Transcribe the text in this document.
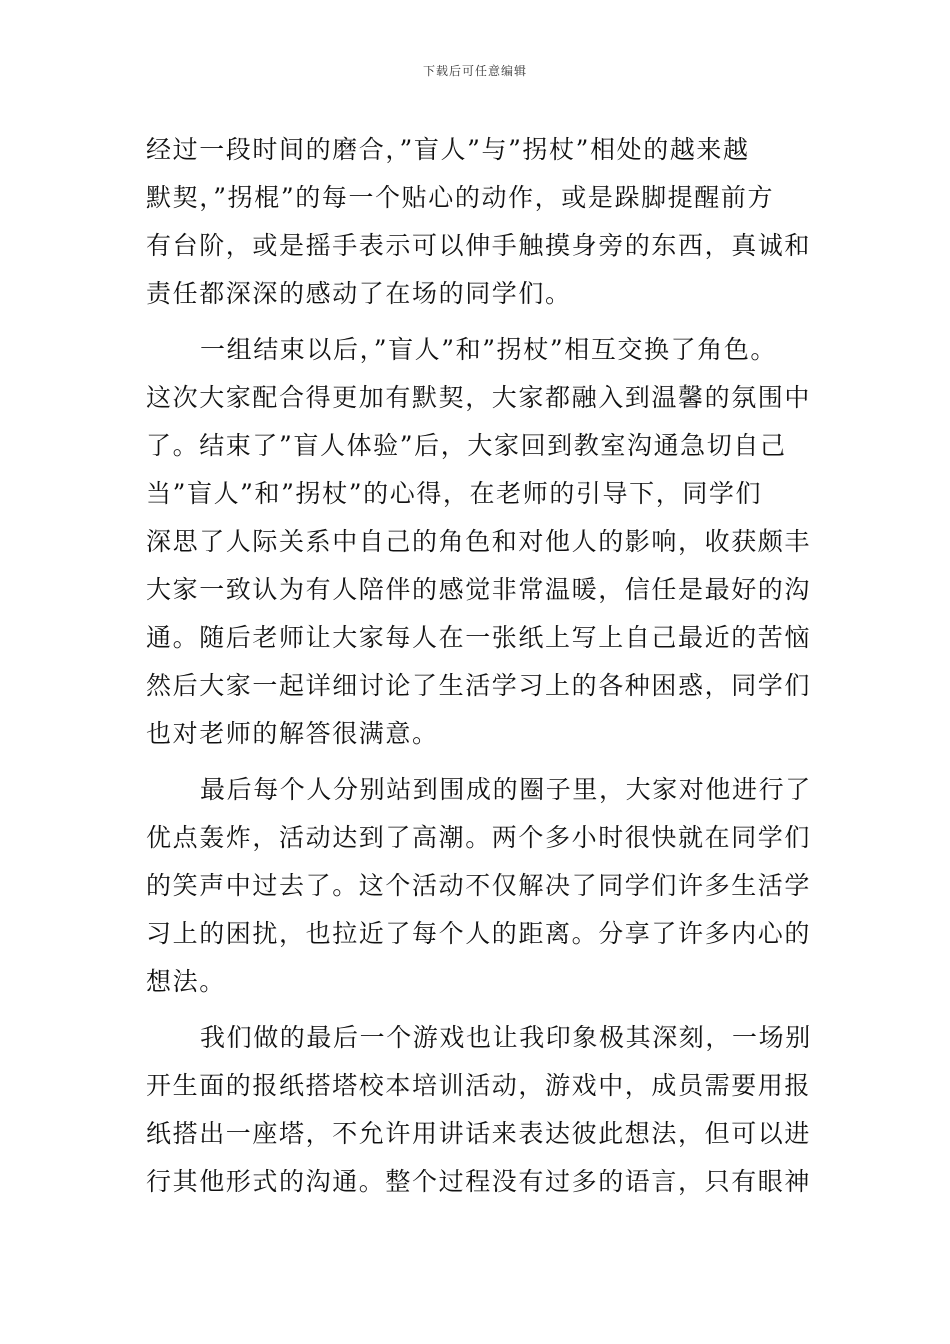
下载后可任意编辑

经过一段时间的磨合，”盲人”与”拐杖”相处的越来越
默契，”拐棍”的每一个贴心的动作，或是跺脚提醒前方
有台阶，或是摇手表示可以伸手触摸身旁的东西，真诚和
责任都深深的感动了在场的同学们。

一组结束以后，”盲人”和”拐杖”相互交换了角色。
这次大家配合得更加有默契，大家都融入到温馨的氛围中
了。结束了”盲人体验”后，大家回到教室沟通急切自己
当”盲人”和”拐杖”的心得，在老师的引导下，同学们
深思了人际关系中自己的角色和对他人的影响，收获颇丰
大家一致认为有人陪伴的感觉非常温暖，信任是最好的沟
通。随后老师让大家每人在一张纸上写上自己最近的苦恼
然后大家一起详细讨论了生活学习上的各种困惑，同学们
也对老师的解答很满意。

最后每个人分别站到围成的圈子里，大家对他进行了
优点轰炸，活动达到了高潮。两个多小时很快就在同学们
的笑声中过去了。这个活动不仅解决了同学们许多生活学
习上的困扰，也拉近了每个人的距离。分享了许多内心的
想法。

我们做的最后一个游戏也让我印象极其深刻，一场别
开生面的报纸搭塔校本培训活动，游戏中，成员需要用报
纸搭出一座塔，不允许用讲话来表达彼此想法，但可以进
行其他形式的沟通。整个过程没有过多的语言，只有眼神
